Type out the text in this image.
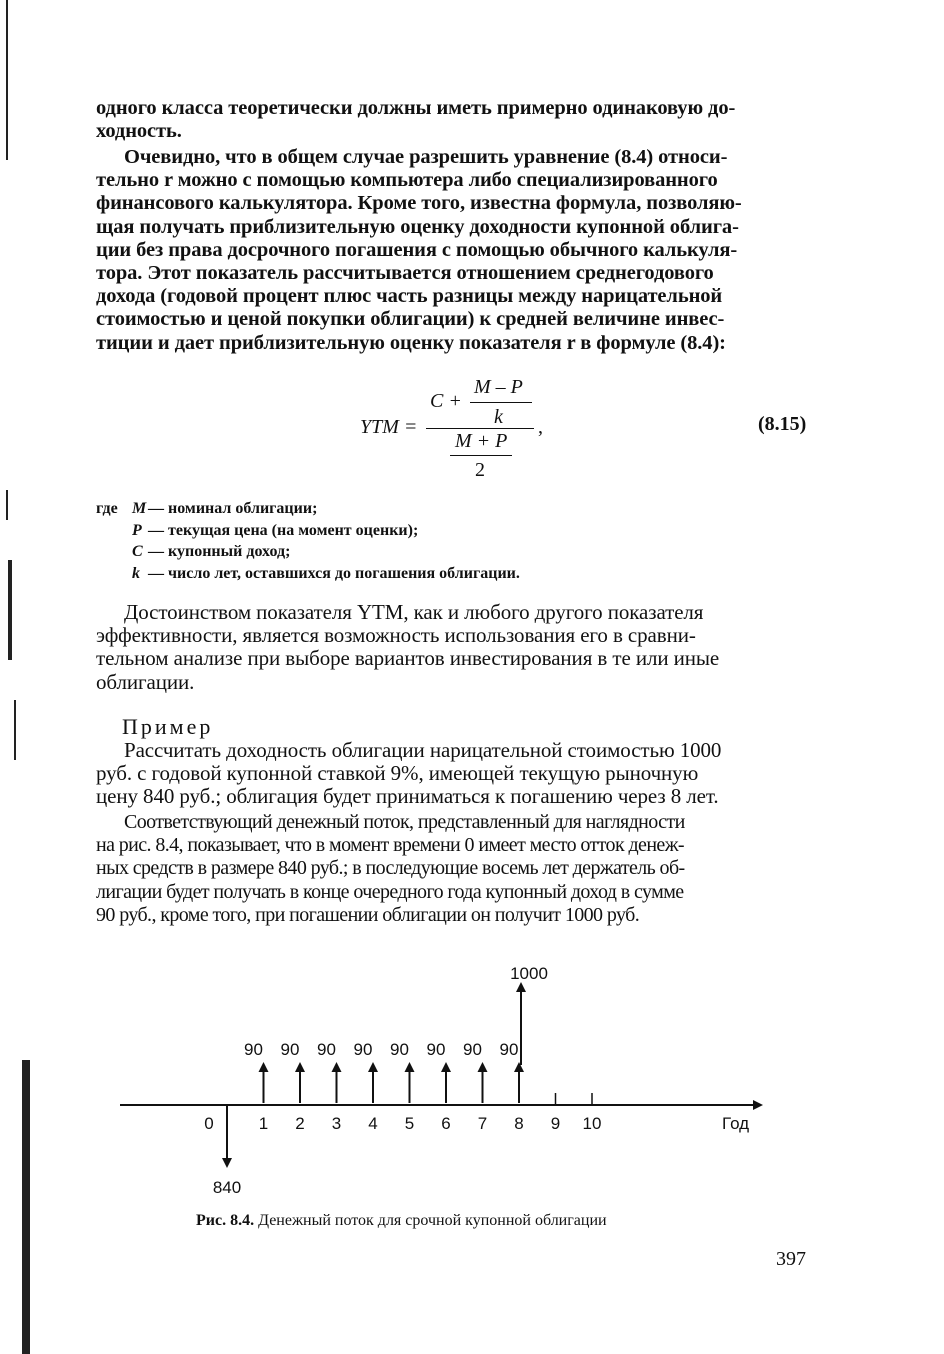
одного класса теоретически должны иметь примерно одинаковую до-
ходность.
Очевидно, что в общем случае разрешить уравнение (8.4) относи-
тельно r можно с помощью компьютера либо специализированного
финансового калькулятора. Кроме того, известна формула, позволяю-
щая получать приблизительную оценку доходности купонной облига-
ции без права досрочного погашения с помощью обычного калькуля-
тора. Этот показатель рассчитывается отношением среднегодового
дохода (годовой процент плюс часть разницы между нарицательной
стоимостью и ценой покупки облигации) к средней величине инвес-
тиции и дает приблизительную оценку показателя r в формуле (8.4):
YTM =
C +
M – P
k
M + P
2
,	(8.15)
где M — номинал облигации;
P — текущая цена (на момент оценки);
C — купонный доход;
k — число лет, оставшихся до погашения облигации.
Достоинством показателя YTM, как и любого другого показателя
эффективности, является возможность использования его в сравни-
тельном анализе при выборе вариантов инвестирования в те или иные
облигации.
Пример
Рассчитать доходность облигации нарицательной стоимостью 1000
руб. с годовой купонной ставкой 9%, имеющей текущую рыночную
цену 840 руб.; облигация будет приниматься к погашению через 8 лет.
Соответствующий денежный поток, представленный для наглядности
на рис. 8.4, показывает, что в момент времени 0 имеет место отток денеж-
ных средств в размере 840 руб.; в последующие восемь лет держатель об-
лигации будет получать в конце очередного года купонный доход в сумме
90 руб., кроме того, при погашении облигации он получит 1000 руб.
0	1 2 3 4 5 6 7 8 9 10	Год
90 90 90 90 90 90 90 90
1000
840
Рис. 8.4. Денежный поток для срочной купонной облигации
397
